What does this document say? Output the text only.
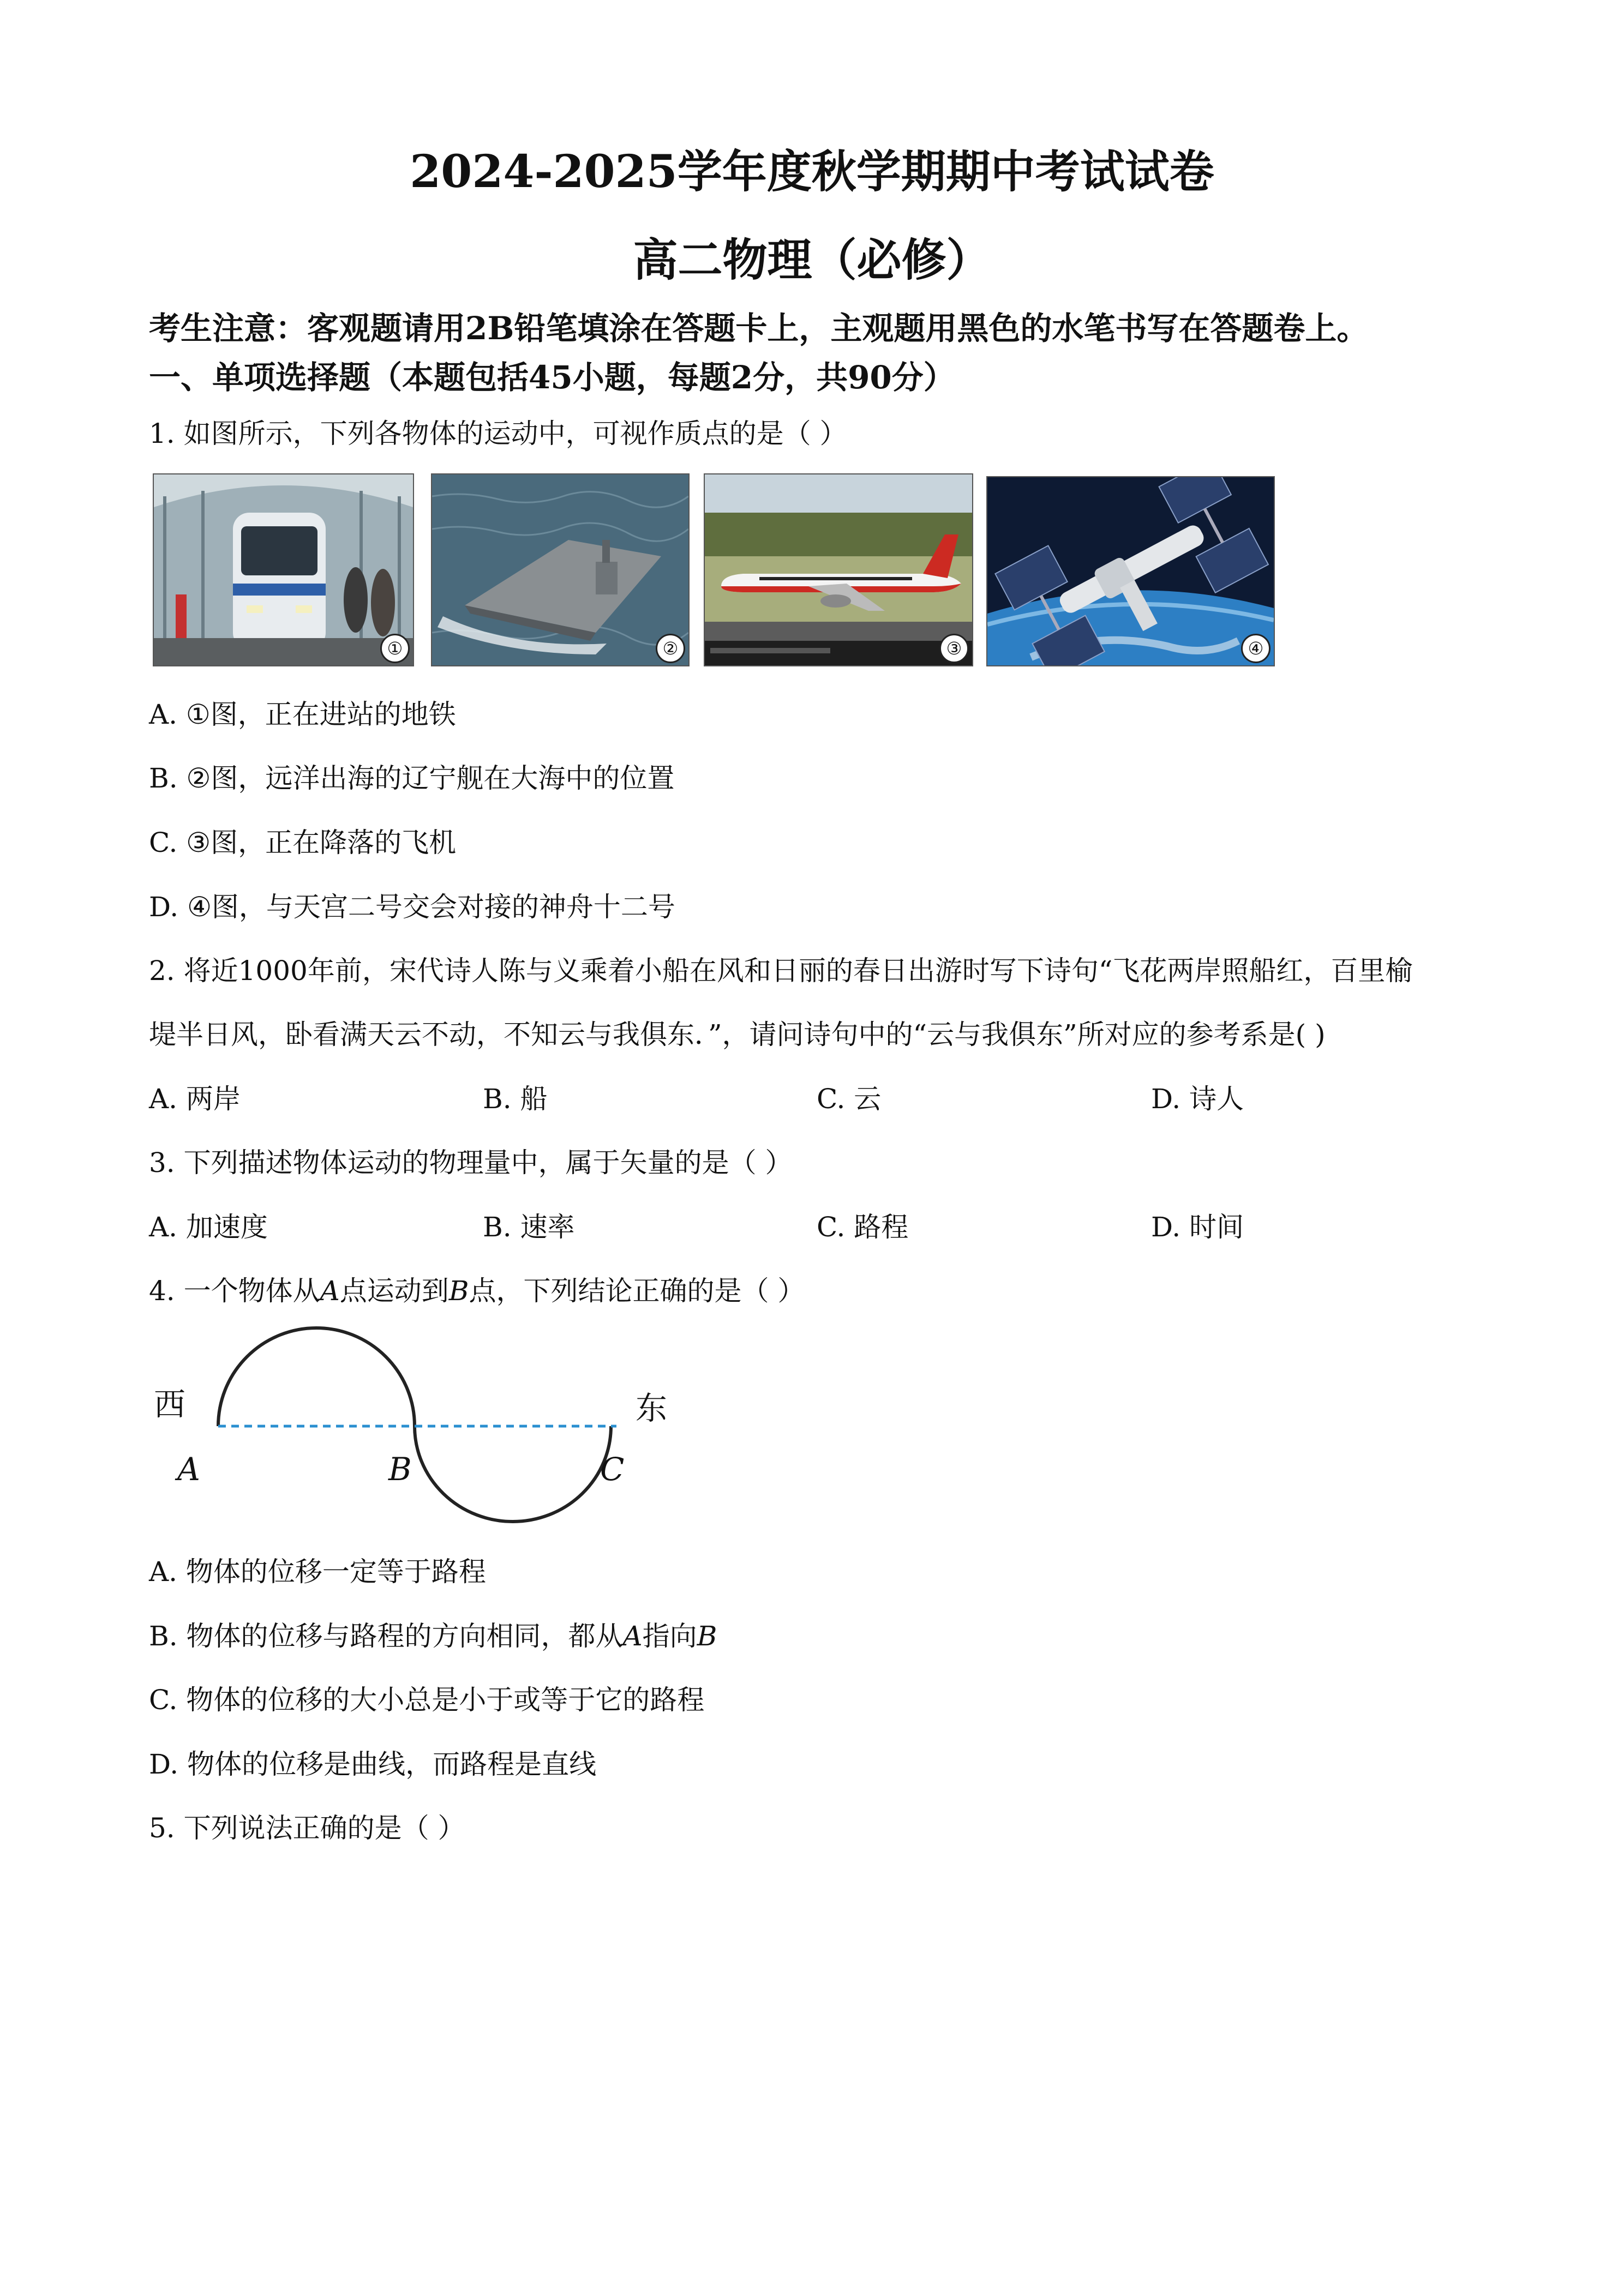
2024-2025学年度秋学期期中考试试卷
高二物理（必修）
考生注意：客观题请用2B铅笔填涂在答题卡上，主观题用黑色的水笔书写在答题卷上。
一、单项选择题（本题包括45小题，每题2分，共90分）
1. 如图所示，下列各物体的运动中，可视作质点的是（ ）
①	②	③	④
A. ①图，正在进站的地铁
B. ②图，远洋出海的辽宁舰在大海中的位置
C. ③图，正在降落的飞机
D. ④图，与天宫二号交会对接的神舟十二号
2. 将近1000年前，宋代诗人陈与义乘着小船在风和日丽的春日出游时写下诗句“飞花两岸照船红，百里榆
堤半日风，卧看满天云不动，不知云与我俱东．”，请问诗句中的“云与我俱东”所对应的参考系是( )
A. 两岸	B. 船	C. 云	D. 诗人
3. 下列描述物体运动的物理量中，属于矢量的是（ ）
A. 加速度	B. 速率	C. 路程	D. 时间
4. 一个物体从A点运动到B点，下列结论正确的是（ ）
西	东
A	B	C
A. 物体的位移一定等于路程
B. 物体的位移与路程的方向相同，都从A指向B
C. 物体的位移的大小总是小于或等于它的路程
D. 物体的位移是曲线，而路程是直线
5. 下列说法正确的是（ ）
